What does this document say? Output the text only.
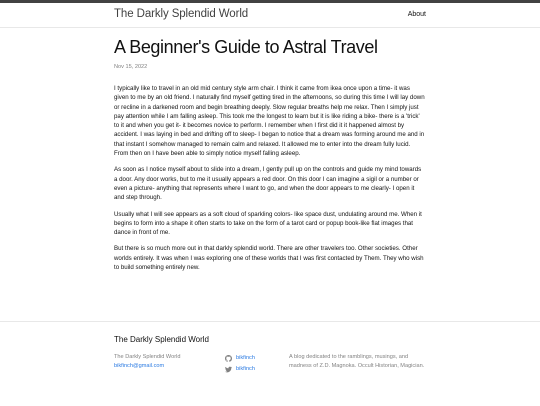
The Darkly Splendid World	About
A Beginner's Guide to Astral Travel
Nov 15, 2022

I typically like to travel in an old mid century style arm chair. I think it came from ikea once upon a time- it was given to me by an old friend. I naturally find myself getting tired in the afternoons, so during this time I will lay down or recline in a darkened room and begin breathing deeply. Slow regular breaths help me relax. Then I simply just pay attention while I am falling asleep. This took me the longest to learn but it is like riding a bike- there is a 'trick' to it and when you get it- it becomes novice to perform. I remember when I first did it it happened almost by accident. I was laying in bed and drifting off to sleep- I began to notice that a dream was forming around me and in that instant I somehow managed to remain calm and relaxed. It allowed me to enter into the dream fully lucid. From then on I have been able to simply notice myself falling asleep.

As soon as I notice myself about to slide into a dream, I gently pull up on the controls and guide my mind towards a door. Any door works, but to me it usually appears a red door. On this door I can imagine a sigil or a number or even a picture- anything that represents where I want to go, and when the door appears to me clearly- I open it and step through.

Usually what I will see appears as a soft cloud of sparkling colors- like space dust, undulating around me. When it begins to form into a shape it often starts to take on the form of a tarot card or popup book-like flat images that dance in front of me.

But there is so much more out in that darkly splendid world. There are other travelers too. Other societies. Other worlds entirely. It was when I was exploring one of these worlds that I was first contacted by Them. They who wish to build something entirely new.

The Darkly Splendid World
The Darkly Splendid World
bikfinch@gmail.com
bikfinch
bikfinch
A blog dedicated to the ramblings, musings, and madness of Z.D. Magnoka. Occult Historian, Magician.
